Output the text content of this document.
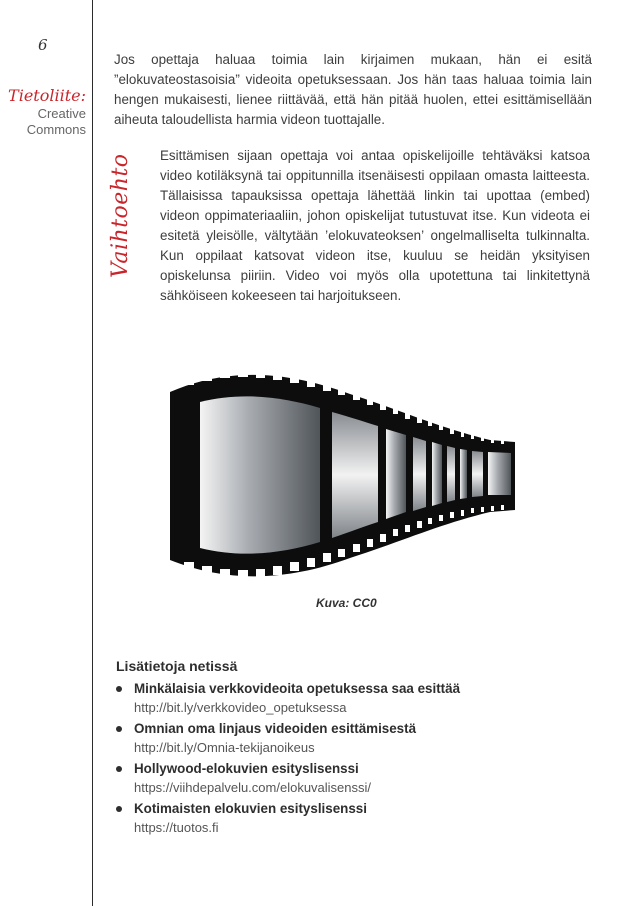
6
Tietoliite:
Creative
Commons

Jos opettaja haluaa toimia lain kirjaimen mukaan, hän ei esitä ”elokuvateostasoisia” videoita opetuksessaan. Jos hän taas haluaa toimia lain hengen mukaisesti, lienee riittävää, että hän pitää huolen, ettei esittämisellään aiheuta taloudellista harmia videon tuottajalle.

Vaihtoehto Esittämisen sijaan opettaja voi antaa opiskelijoille tehtäväksi katsoa video kotiläksynä tai oppitunnilla itsenäisesti oppilaan omasta laitteesta. Tällaisissa tapauksissa opettaja lähettää linkin tai upottaa (embed) videon oppimateriaaliin, johon opiskelijat tutustuvat itse. Kun videota ei esitetä yleisölle, vältytään ’elokuvateoksen’ ongelmalliselta tulkinnalta. Kun oppilaat katsovat videon itse, kuuluu se heidän yksityisen opiskelunsa piiriin. Video voi myös olla upotettuna tai linkitettynä sähköiseen kokeeseen tai harjoitukseen.

Kuva: CC0
Lisätietoja netissä
Minkälaisia verkkovideoita opetuksessa saa esittää
http://bit.ly/verkkovideo_opetuksessa
Omnian oma linjaus videoiden esittämisestä
http://bit.ly/Omnia-tekijanoikeus
Hollywood-elokuvien esityslisenssi
https://viihdepalvelu.com/elokuvalisenssi/
Kotimaisten elokuvien esityslisenssi
https://tuotos.fi
